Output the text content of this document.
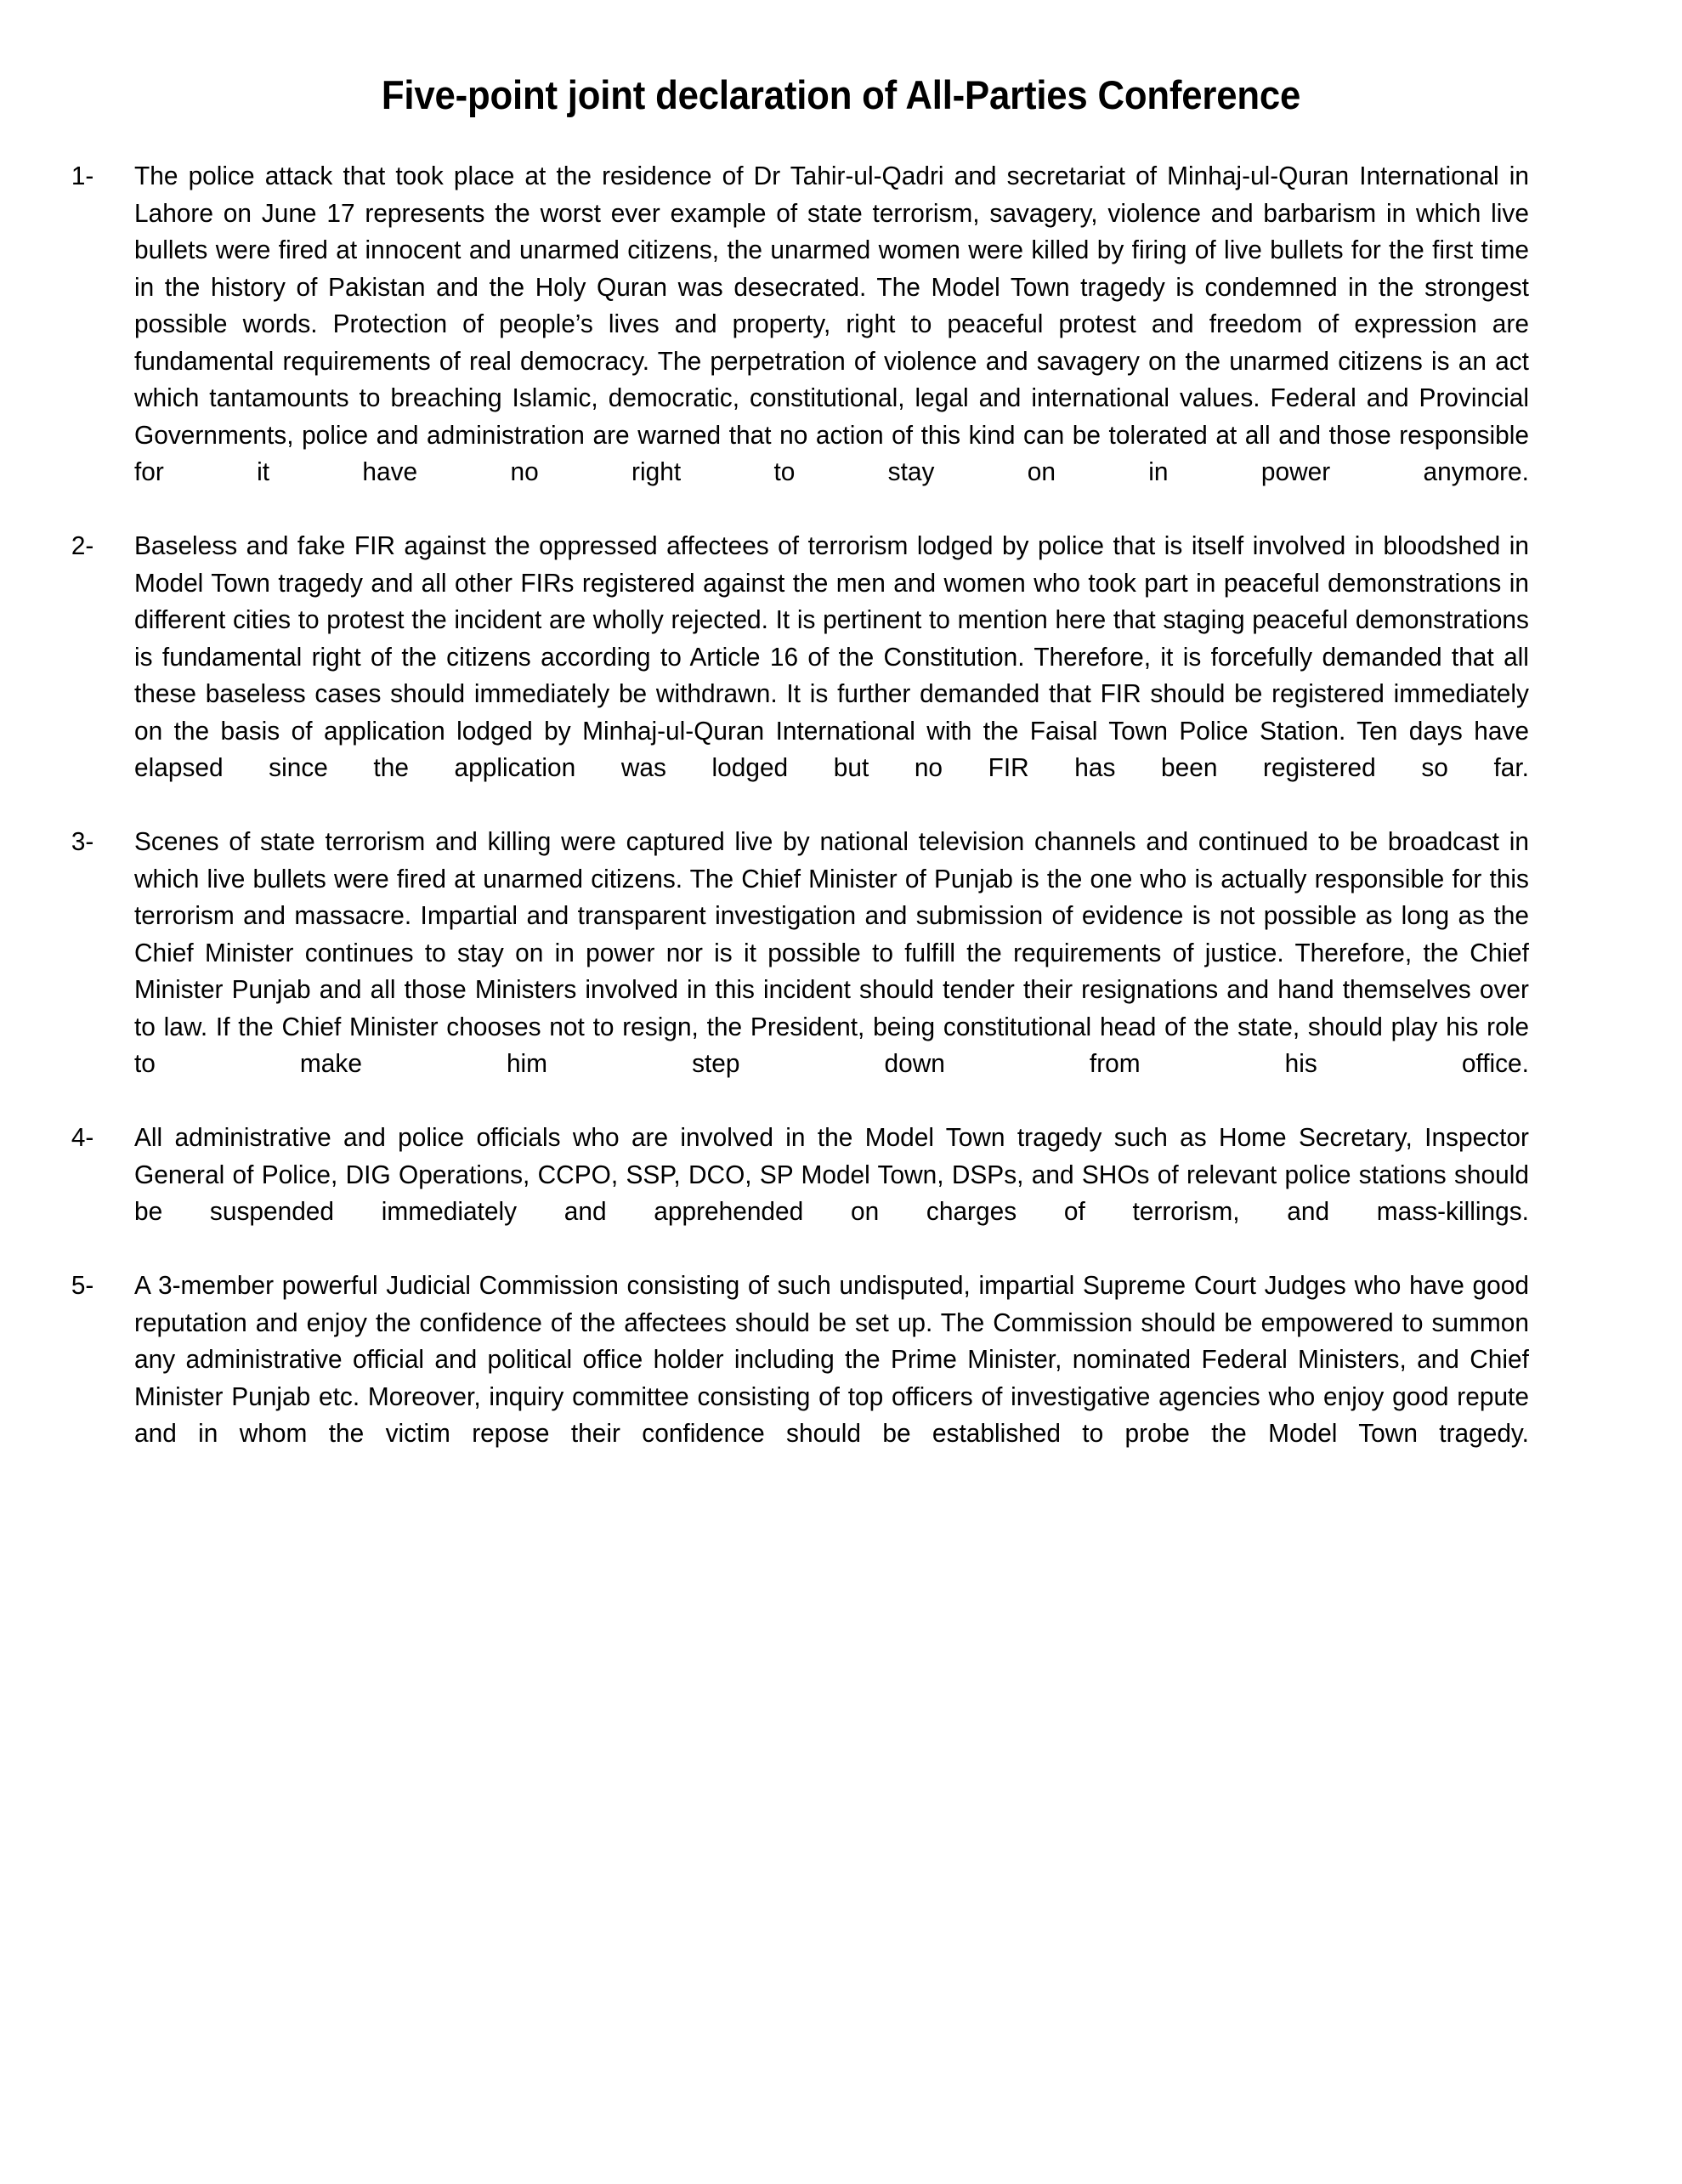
Five-point joint declaration of All-Parties Conference
1-	The police attack that took place at the residence of Dr Tahir-ul-Qadri and secretariat of Minhaj-ul-Quran International in Lahore on June 17 represents the worst ever example of state terrorism, savagery, violence and barbarism in which live bullets were fired at innocent and unarmed citizens, the unarmed women were killed by firing of live bullets for the first time in the history of Pakistan and the Holy Quran was desecrated. The Model Town tragedy is condemned in the strongest possible words. Protection of people’s lives and property, right to peaceful protest and freedom of expression are fundamental requirements of real democracy. The perpetration of violence and savagery on the unarmed citizens is an act which tantamounts to breaching Islamic, democratic, constitutional, legal and international values. Federal and Provincial Governments, police and administration are warned that no action of this kind can be tolerated at all and those responsible for it have no right to stay on in power anymore.
2-	Baseless and fake FIR against the oppressed affectees of terrorism lodged by police that is itself involved in bloodshed in Model Town tragedy and all other FIRs registered against the men and women who took part in peaceful demonstrations in different cities to protest the incident are wholly rejected. It is pertinent to mention here that staging peaceful demonstrations is fundamental right of the citizens according to Article 16 of the Constitution. Therefore, it is forcefully demanded that all these baseless cases should immediately be withdrawn. It is further demanded that FIR should be registered immediately on the basis of application lodged by Minhaj-ul-Quran International with the Faisal Town Police Station. Ten days have elapsed since the application was lodged but no FIR has been registered so far.
3-	Scenes of state terrorism and killing were captured live by national television channels and continued to be broadcast in which live bullets were fired at unarmed citizens. The Chief Minister of Punjab is the one who is actually responsible for this terrorism and massacre. Impartial and transparent investigation and submission of evidence is not possible as long as the Chief Minister continues to stay on in power nor is it possible to fulfill the requirements of justice. Therefore, the Chief Minister Punjab and all those Ministers involved in this incident should tender their resignations and hand themselves over to law. If the Chief Minister chooses not to resign, the President, being constitutional head of the state, should play his role to make him step down from his office.
4-	All administrative and police officials who are involved in the Model Town tragedy such as Home Secretary, Inspector General of Police, DIG Operations, CCPO, SSP, DCO, SP Model Town, DSPs, and SHOs of relevant police stations should be suspended immediately and apprehended on charges of terrorism, and mass-killings.
5-	A 3-member powerful Judicial Commission consisting of such undisputed, impartial Supreme Court Judges who have good reputation and enjoy the confidence of the affectees should be set up. The Commission should be empowered to summon any administrative official and political office holder including the Prime Minister, nominated Federal Ministers, and Chief Minister Punjab etc. Moreover, inquiry committee consisting of top officers of investigative agencies who enjoy good repute and in whom the victim repose their confidence should be established to probe the Model Town tragedy.
